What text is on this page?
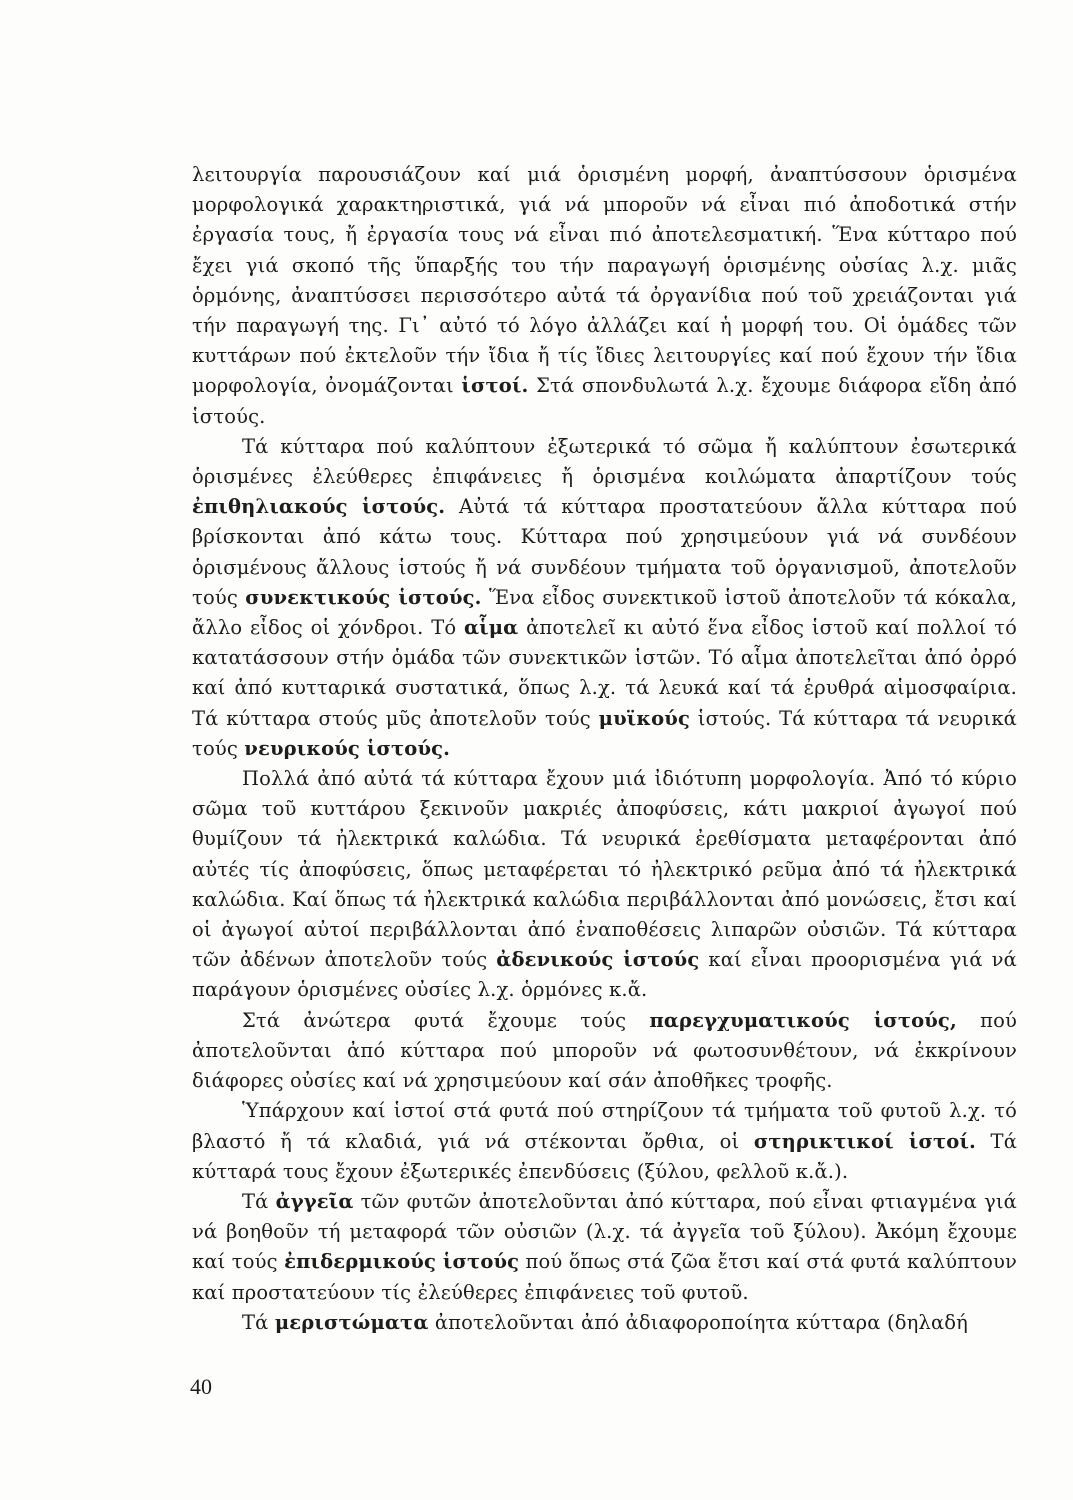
λειτουργία παρουσιάζουν καί μιά ὁρισμένη μορφή, ἀναπτύσσουν ὁρισμένα μορφολογικά χαρακτηριστικά, γιά νά μποροῦν νά εἶναι πιό ἀποδοτικά στήν ἐργασία τους, ἤ ἐργασία τους νά εἶναι πιό ἀποτελεσματική. Ἕνα κύτταρο πού ἔχει γιά σκοπό τῆς ὕπαρξής του τήν παραγωγή ὁρισμένης οὐσίας λ.χ. μιᾶς ὁρμόνης, ἀναπτύσσει περισσότερο αὐτά τά ὀργανίδια πού τοῦ χρειάζονται γιά τήν παραγωγή της. Γι᾽ αὐτό τό λόγο ἀλλάζει καί ἡ μορφή του. Οἱ ὁμάδες τῶν κυττάρων πού ἐκτελοῦν τήν ἴδια ἤ τίς ἴδιες λειτουργίες καί πού ἔχουν τήν ἴδια μορφολογία, ὀνομάζονται ἱστοί. Στά σπονδυλωτά λ.χ. ἔχουμε διάφορα εἴδη ἀπό ἱστούς.

Τά κύτταρα πού καλύπτουν ἐξωτερικά τό σῶμα ἤ καλύπτουν ἐσωτερικά ὁρισμένες ἐλεύθερες ἐπιφάνειες ἤ ὁρισμένα κοιλώματα ἀπαρτίζουν τούς ἐπιθηλιακούς ἱστούς. Αὐτά τά κύτταρα προστατεύουν ἄλλα κύτταρα πού βρίσκονται ἀπό κάτω τους. Κύτταρα πού χρησιμεύουν γιά νά συνδέουν ὁρισμένους ἄλλους ἱστούς ἤ νά συνδέουν τμήματα τοῦ ὀργανισμοῦ, ἀποτελοῦν τούς συνεκτικούς ἱστούς. Ἕνα εἶδος συνεκτικοῦ ἱστοῦ ἀποτελοῦν τά κόκαλα, ἄλλο εἶδος οἱ χόνδροι. Τό αἷμα ἀποτελεῖ κι αὐτό ἕνα εἶδος ἱστοῦ καί πολλοί τό κατατάσσουν στήν ὁμάδα τῶν συνεκτικῶν ἱστῶν. Τό αἷμα ἀποτελεῖται ἀπό ὀρρό καί ἀπό κυτταρικά συστατικά, ὅπως λ.χ. τά λευκά καί τά ἐρυθρά αἱμοσφαίρια. Τά κύτταρα στούς μῦς ἀποτελοῦν τούς μυϊκούς ἱστούς. Τά κύτταρα τά νευρικά τούς νευρικούς ἱστούς.

Πολλά ἀπό αὐτά τά κύτταρα ἔχουν μιά ἰδιότυπη μορφολογία. Ἀπό τό κύριο σῶμα τοῦ κυττάρου ξεκινοῦν μακριές ἀποφύσεις, κάτι μακριοί ἀγωγοί πού θυμίζουν τά ἠλεκτρικά καλώδια. Τά νευρικά ἐρεθίσματα μεταφέρονται ἀπό αὐτές τίς ἀποφύσεις, ὅπως μεταφέρεται τό ἠλεκτρικό ρεῦμα ἀπό τά ἠλεκτρικά καλώδια. Καί ὅπως τά ἠλεκτρικά καλώδια περιβάλλονται ἀπό μονώσεις, ἔτσι καί οἱ ἀγωγοί αὐτοί περιβάλλονται ἀπό ἐναποθέσεις λιπαρῶν οὐσιῶν. Τά κύτταρα τῶν ἀδένων ἀποτελοῦν τούς ἀδενικούς ἱστούς καί εἶναι προορισμένα γιά νά παράγουν ὁρισμένες οὐσίες λ.χ. ὁρμόνες κ.ἄ.

Στά ἀνώτερα φυτά ἔχουμε τούς παρεγχυματικούς ἱστούς, πού ἀποτελοῦνται ἀπό κύτταρα πού μποροῦν νά φωτοσυνθέτουν, νά ἐκκρίνουν διάφορες οὐσίες καί νά χρησιμεύουν καί σάν ἀποθῆκες τροφῆς.

Ὑπάρχουν καί ἱστοί στά φυτά πού στηρίζουν τά τμήματα τοῦ φυτοῦ λ.χ. τό βλαστό ἤ τά κλαδιά, γιά νά στέκονται ὄρθια, οἱ στηρικτικοί ἱστοί. Τά κύτταρά τους ἔχουν ἐξωτερικές ἐπενδύσεις (ξύλου, φελλοῦ κ.ἄ.).

Τά ἀγγεῖα τῶν φυτῶν ἀποτελοῦνται ἀπό κύτταρα, πού εἶναι φτιαγμένα γιά νά βοηθοῦν τή μεταφορά τῶν οὐσιῶν (λ.χ. τά ἀγγεῖα τοῦ ξύλου). Ἀκόμη ἔχουμε καί τούς ἐπιδερμικούς ἱστούς πού ὅπως στά ζῶα ἔτσι καί στά φυτά καλύπτουν καί προστατεύουν τίς ἐλεύθερες ἐπιφάνειες τοῦ φυτοῦ.

Τά μεριστώματα ἀποτελοῦνται ἀπό ἀδιαφοροποίητα κύτταρα (δηλαδή

40
